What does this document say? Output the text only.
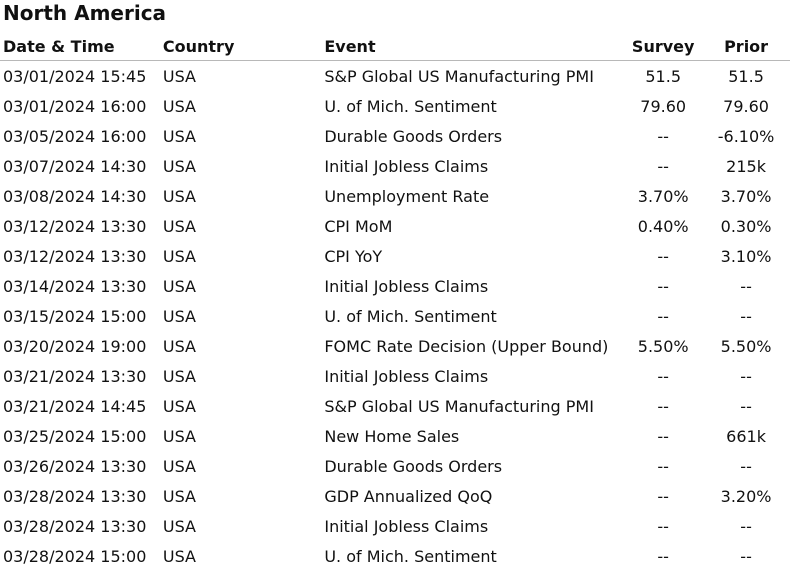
North America
Date & Time	Country	Event	Survey	Prior
03/01/2024 15:45	USA	S&P Global US Manufacturing PMI	51.5	51.5
03/01/2024 16:00	USA	U. of Mich. Sentiment	79.60	79.60
03/05/2024 16:00	USA	Durable Goods Orders	--	-6.10%
03/07/2024 14:30	USA	Initial Jobless Claims	--	215k
03/08/2024 14:30	USA	Unemployment Rate	3.70%	3.70%
03/12/2024 13:30	USA	CPI MoM	0.40%	0.30%
03/12/2024 13:30	USA	CPI YoY	--	3.10%
03/14/2024 13:30	USA	Initial Jobless Claims	--	--
03/15/2024 15:00	USA	U. of Mich. Sentiment	--	--
03/20/2024 19:00	USA	FOMC Rate Decision (Upper Bound)	5.50%	5.50%
03/21/2024 13:30	USA	Initial Jobless Claims	--	--
03/21/2024 14:45	USA	S&P Global US Manufacturing PMI	--	--
03/25/2024 15:00	USA	New Home Sales	--	661k
03/26/2024 13:30	USA	Durable Goods Orders	--	--
03/28/2024 13:30	USA	GDP Annualized QoQ	--	3.20%
03/28/2024 13:30	USA	Initial Jobless Claims	--	--
03/28/2024 15:00	USA	U. of Mich. Sentiment	--	--
